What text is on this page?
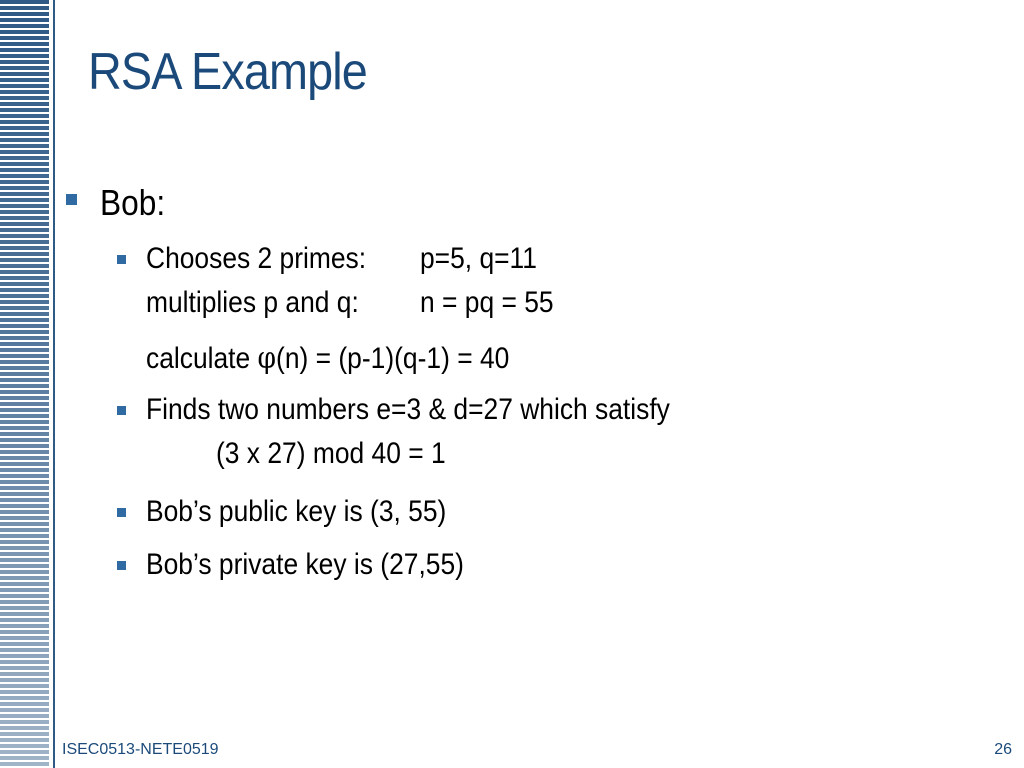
RSA Example

Bob:

Chooses 2 primes: p=5, q=11

multiplies p and q: n = pq = 55

calculate φ(n) = (p-1)(q-1) = 40

Finds two numbers e=3 & d=27 which satisfy

(3 x 27) mod 40 = 1

Bob’s public key is (3, 55)

Bob’s private key is (27,55)

ISEC0513-NETE0519	26
